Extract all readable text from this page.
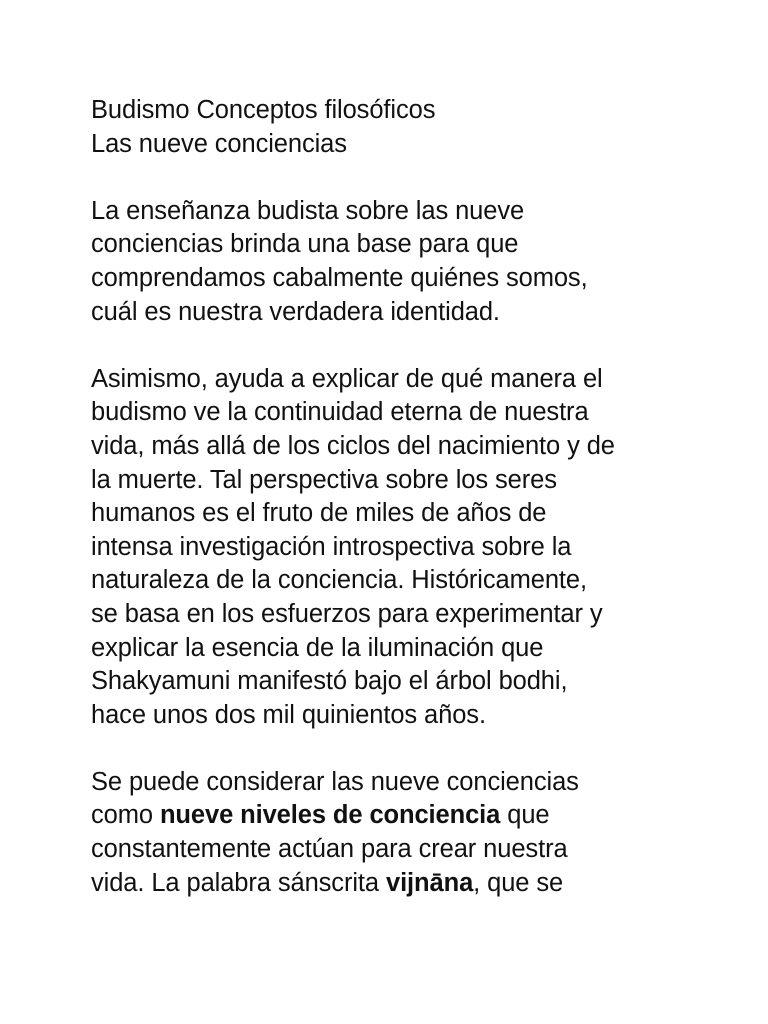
Budismo Conceptos filosóficos
Las nueve conciencias
La enseñanza budista sobre las nueve
conciencias brinda una base para que
comprendamos cabalmente quiénes somos,
cuál es nuestra verdadera identidad.
Asimismo, ayuda a explicar de qué manera el
budismo ve la continuidad eterna de nuestra
vida, más allá de los ciclos del nacimiento y de
la muerte. Tal perspectiva sobre los seres
humanos es el fruto de miles de años de
intensa investigación introspectiva sobre la
naturaleza de la conciencia. Históricamente,
se basa en los esfuerzos para experimentar y
explicar la esencia de la iluminación que
Shakyamuni manifestó bajo el árbol bodhi,
hace unos dos mil quinientos años.
Se puede considerar las nueve conciencias
como nueve niveles de conciencia que
constantemente actúan para crear nuestra
vida. La palabra sánscrita vijnāna, que se
